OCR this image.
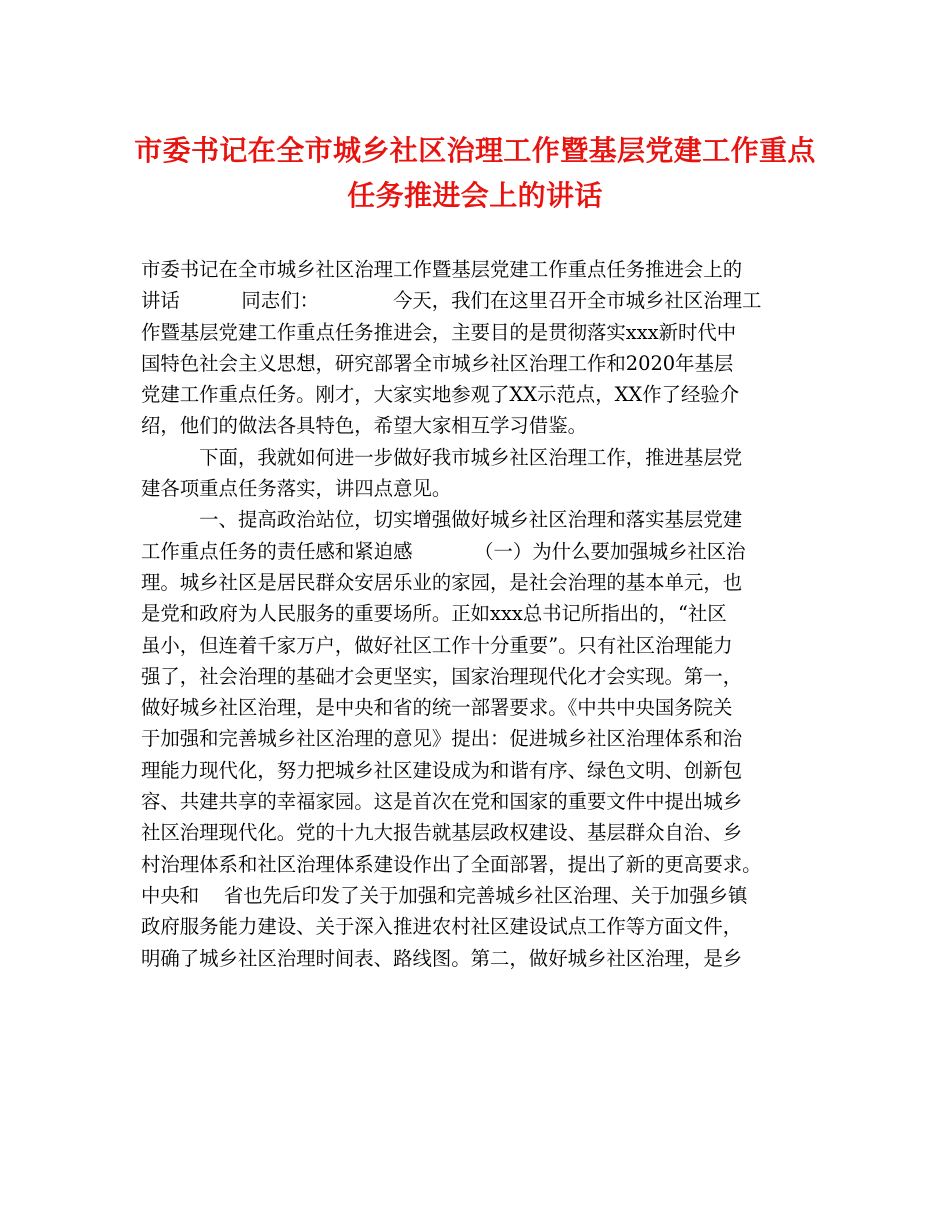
市委书记在全市城乡社区治理工作暨基层党建工作重点
任务推进会上的讲话
市委书记在全市城乡社区治理工作暨基层党建工作重点任务推进会上的
讲话          同志们：            今天，我们在这里召开全市城乡社区治理工
作暨基层党建工作重点任务推进会，主要目的是贯彻落实xxx新时代中
国特色社会主义思想，研究部署全市城乡社区治理工作和2020年基层
党建工作重点任务。刚才，大家实地参观了XX示范点，XX作了经验介
绍，他们的做法各具特色，希望大家相互学习借鉴。
　　　下面，我就如何进一步做好我市城乡社区治理工作，推进基层党
建各项重点任务落实，讲四点意见。
　　　一、提高政治站位，切实增强做好城乡社区治理和落实基层党建
工作重点任务的责任感和紧迫感          （一）为什么要加强城乡社区治
理。城乡社区是居民群众安居乐业的家园，是社会治理的基本单元，也
是党和政府为人民服务的重要场所。正如xxx总书记所指出的，“社区
虽小，但连着千家万户，做好社区工作十分重要”。只有社区治理能力
强了，社会治理的基础才会更坚实，国家治理现代化才会实现。第一，
做好城乡社区治理，是中央和省的统一部署要求。《中共中央国务院关
于加强和完善城乡社区治理的意见》提出：促进城乡社区治理体系和治
理能力现代化，努力把城乡社区建设成为和谐有序、绿色文明、创新包
容、共建共享的幸福家园。这是首次在党和国家的重要文件中提出城乡
社区治理现代化。党的十九大报告就基层政权建设、基层群众自治、乡
村治理体系和社区治理体系建设作出了全面部署，提出了新的更高要求。
中央和    省也先后印发了关于加强和完善城乡社区治理、关于加强乡镇
政府服务能力建设、关于深入推进农村社区建设试点工作等方面文件，
明确了城乡社区治理时间表、路线图。第二，做好城乡社区治理，是乡
